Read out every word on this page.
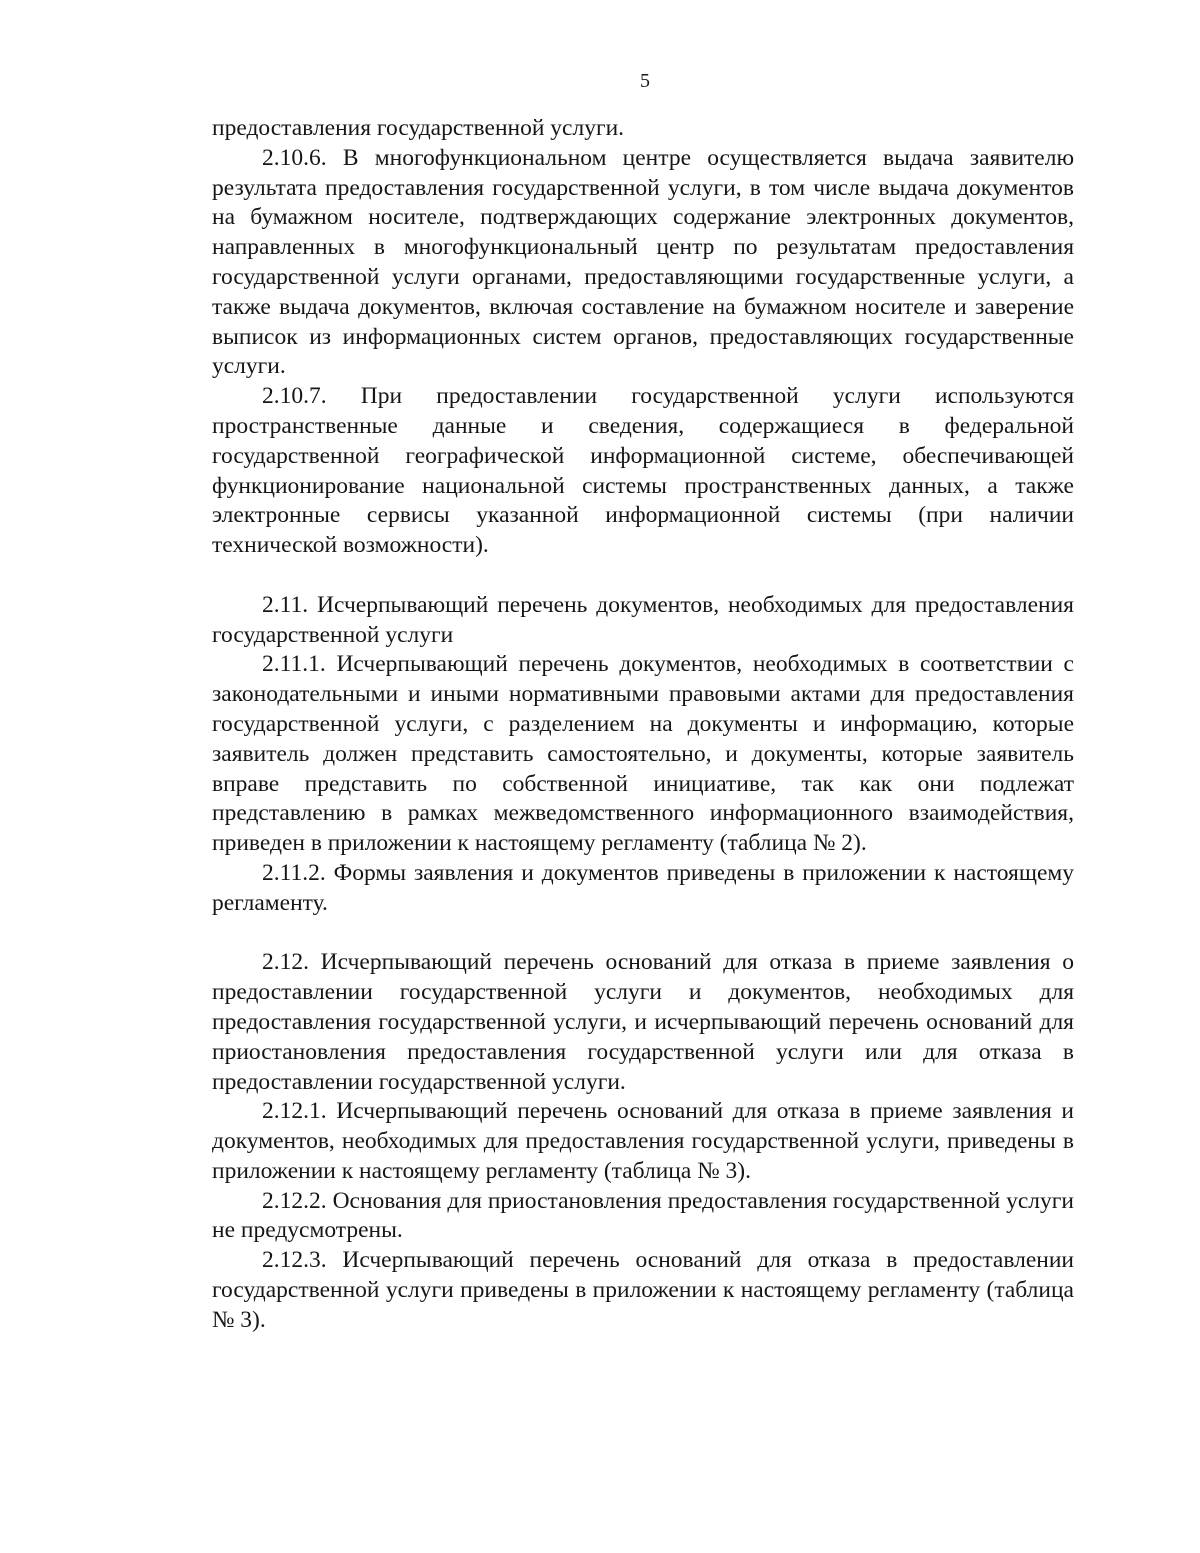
5

предоставления государственной услуги.

2.10.6. В многофункциональном центре осуществляется выдача заявителю результата предоставления государственной услуги, в том числе выдача документов на бумажном носителе, подтверждающих содержание электронных документов, направленных в многофункциональный центр по результатам предоставления государственной услуги органами, предоставляющими государственные услуги, а также выдача документов, включая составление на бумажном носителе и заверение выписок из информационных систем органов, предоставляющих государственные услуги.

2.10.7. При предоставлении государственной услуги используются пространственные данные и сведения, содержащиеся в федеральной государственной географической информационной системе, обеспечивающей функционирование национальной системы пространственных данных, а также электронные сервисы указанной информационной системы (при наличии технической возможности).

2.11. Исчерпывающий перечень документов, необходимых для предоставления государственной услуги

2.11.1. Исчерпывающий перечень документов, необходимых в соответствии с законодательными и иными нормативными правовыми актами для предоставления государственной услуги, с разделением на документы и информацию, которые заявитель должен представить самостоятельно, и документы, которые заявитель вправе представить по собственной инициативе, так как они подлежат представлению в рамках межведомственного информационного взаимодействия, приведен в приложении к настоящему регламенту (таблица № 2).

2.11.2. Формы заявления и документов приведены в приложении к настоящему регламенту.

2.12. Исчерпывающий перечень оснований для отказа в приеме заявления о предоставлении государственной услуги и документов, необходимых для предоставления государственной услуги, и исчерпывающий перечень оснований для приостановления предоставления государственной услуги или для отказа в предоставлении государственной услуги.

2.12.1. Исчерпывающий перечень оснований для отказа в приеме заявления и документов, необходимых для предоставления государственной услуги, приведены в приложении к настоящему регламенту (таблица № 3).

2.12.2. Основания для приостановления предоставления государственной услуги не предусмотрены.

2.12.3. Исчерпывающий перечень оснований для отказа в предоставлении государственной услуги приведены в приложении к настоящему регламенту (таблица № 3).
